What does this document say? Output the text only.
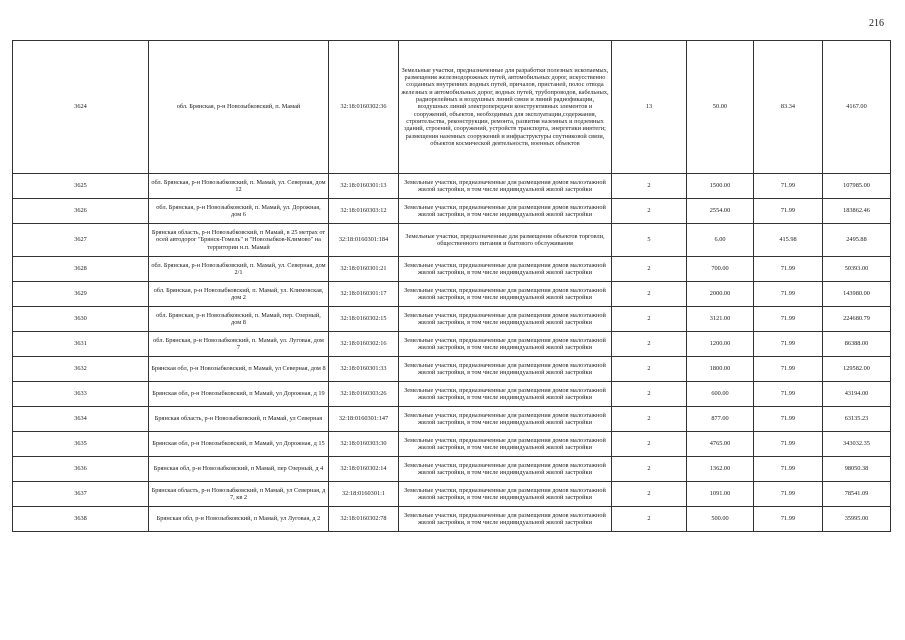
216
3624	обл. Брянская, р-н Новозыбковский, п. Мамай	32:18:0160302:36	Земельные участки, предназначенные для разработки полезных ископаемых, размещения железнодорожных путей, автомобильных дорог, искусственно созданных внутренних водных путей, причалов, пристаней, полос отвода железных и автомобильных дорог, водных путей, трубопроводов, кабельных, радиорелейных и воздушных линий связи и линий радиофикации, воздушных линий электропередачи конструктивных элементов и сооружений, объектов, необходимых для эксплуатации,содержания, строительства, реконструкции, ремонта, развития наземных и подземных зданий, строений, сооружений, устройств транспорта, энергетики иинтеги; размещения наземных сооружений и инфраструктуры спутниковой связи, объектов космической деятельности, военных объектов	13	50.00	83.34	4167.00
3625	обл. Брянская, р-н Новозыбковский, п. Мамай, ул. Северная, дом 12	32:18:0160301:13	Земельные участки, предназначенные для размещения домов малоэтажной жилой застройки, в том числе индивидуальной жилой застройки	2	1500.00	71.99	107985.00
3626	обл. Брянская, р-н Новозыбковский, п. Мамай, ул. Дорожная, дом 6	32:18:0160303:12	Земельные участки, предназначенные для размещения домов малоэтажной жилой застройки, в том числе индивидуальной жилой застройки	2	2554.00	71.99	183862.46
3627	Брянская область, р-н Новозыбковский, п Мамай, в 25 метрах от осей автодорог "Брянск-Гомель" и "Новозыбков-Климово" на территории н.п. Мамай	32:18:0160301:184	Земельные участки, предназначенные для размещения объектов торговли, общественного питания и бытового обслуживания	5	6.00	415.98	2495.88
3628	обл. Брянская, р-н Новозыбковский, п. Мамай, ул. Северная, дом 2/1	32:18:0160301:21	Земельные участки, предназначенные для размещения домов малоэтажной жилой застройки, в том числе индивидуальной жилой застройки	2	700.00	71.99	50393.00
3629	обл. Брянская, р-н Новозыбковский, п. Мамай, ул. Климовская, дом 2	32:18:0160301:17	Земельные участки, предназначенные для размещения домов малоэтажной жилой застройки, в том числе индивидуальной жилой застройки	2	2000.00	71.99	143980.00
3630	обл. Брянская, р-н Новозыбковский, п. Мамай, пер. Озерный, дом 8	32:18:0160302:15	Земельные участки, предназначенные для размещения домов малоэтажной жилой застройки, в том числе индивидуальной жилой застройки	2	3121.00	71.99	224680.79
3631	обл. Брянская, р-н Новозыбковский, п. Мамай, ул. Луговая, дом 7	32:18:0160302:16	Земельные участки, предназначенные для размещения домов малоэтажной жилой застройки, в том числе индивидуальной жилой застройки	2	1200.00	71.99	86388.00
3632	Брянская обл, р-н Новозыбковский, п Мамай, ул Северная, дом 8	32:18:0160301:33	Земельные участки, предназначенные для размещения домов малоэтажной жилой застройки, в том числе индивидуальной жилой застройки	2	1800.00	71.99	129582.00
3633	Брянская обл, р-н Новозыбковский, п Мамай, ул Дорожная, д 19	32:18:0160303:26	Земельные участки, предназначенные для размещения домов малоэтажной жилой застройки, в том числе индивидуальной жилой застройки	2	600.00	71.99	43194.00
3634	Брянская область, р-н Новозыбковский, п Мамай, ул Северная	32:18:0160301:147	Земельные участки, предназначенные для размещения домов малоэтажной жилой застройки, в том числе индивидуальной жилой застройки	2	877.00	71.99	63135.23
3635	Брянская обл, р-н Новозыбковский, п Мамай, ул Дорожная, д 15	32:18:0160303:30	Земельные участки, предназначенные для размещения домов малоэтажной жилой застройки, в том числе индивидуальной жилой застройки	2	4765.00	71.99	343032.35
3636	Брянская обл, р-н Новозыбковский, п Мамай, пер Озерный, д 4	32:18:0160302:14	Земельные участки, предназначенные для размещения домов малоэтажной жилой застройки, в том числе индивидуальной жилой застройки	2	1362.00	71.99	98050.38
3637	Брянская область, р-н Новозыбковский, п Мамай, ул Северная, д 7, кв 2	32:18:0160301:1	Земельные участки, предназначенные для размещения домов малоэтажной жилой застройки, в том числе индивидуальной жилой застройки	2	1091.00	71.99	78541.09
3638	Брянская обл, р-н Новозыбковский, п Мамай, ул Луговая, д 2	32:18:0160302:78	Земельные участки, предназначенные для размещения домов малоэтажной жилой застройки, в том числе индивидуальной жилой застройки	2	500.00	71.99	35995.00
